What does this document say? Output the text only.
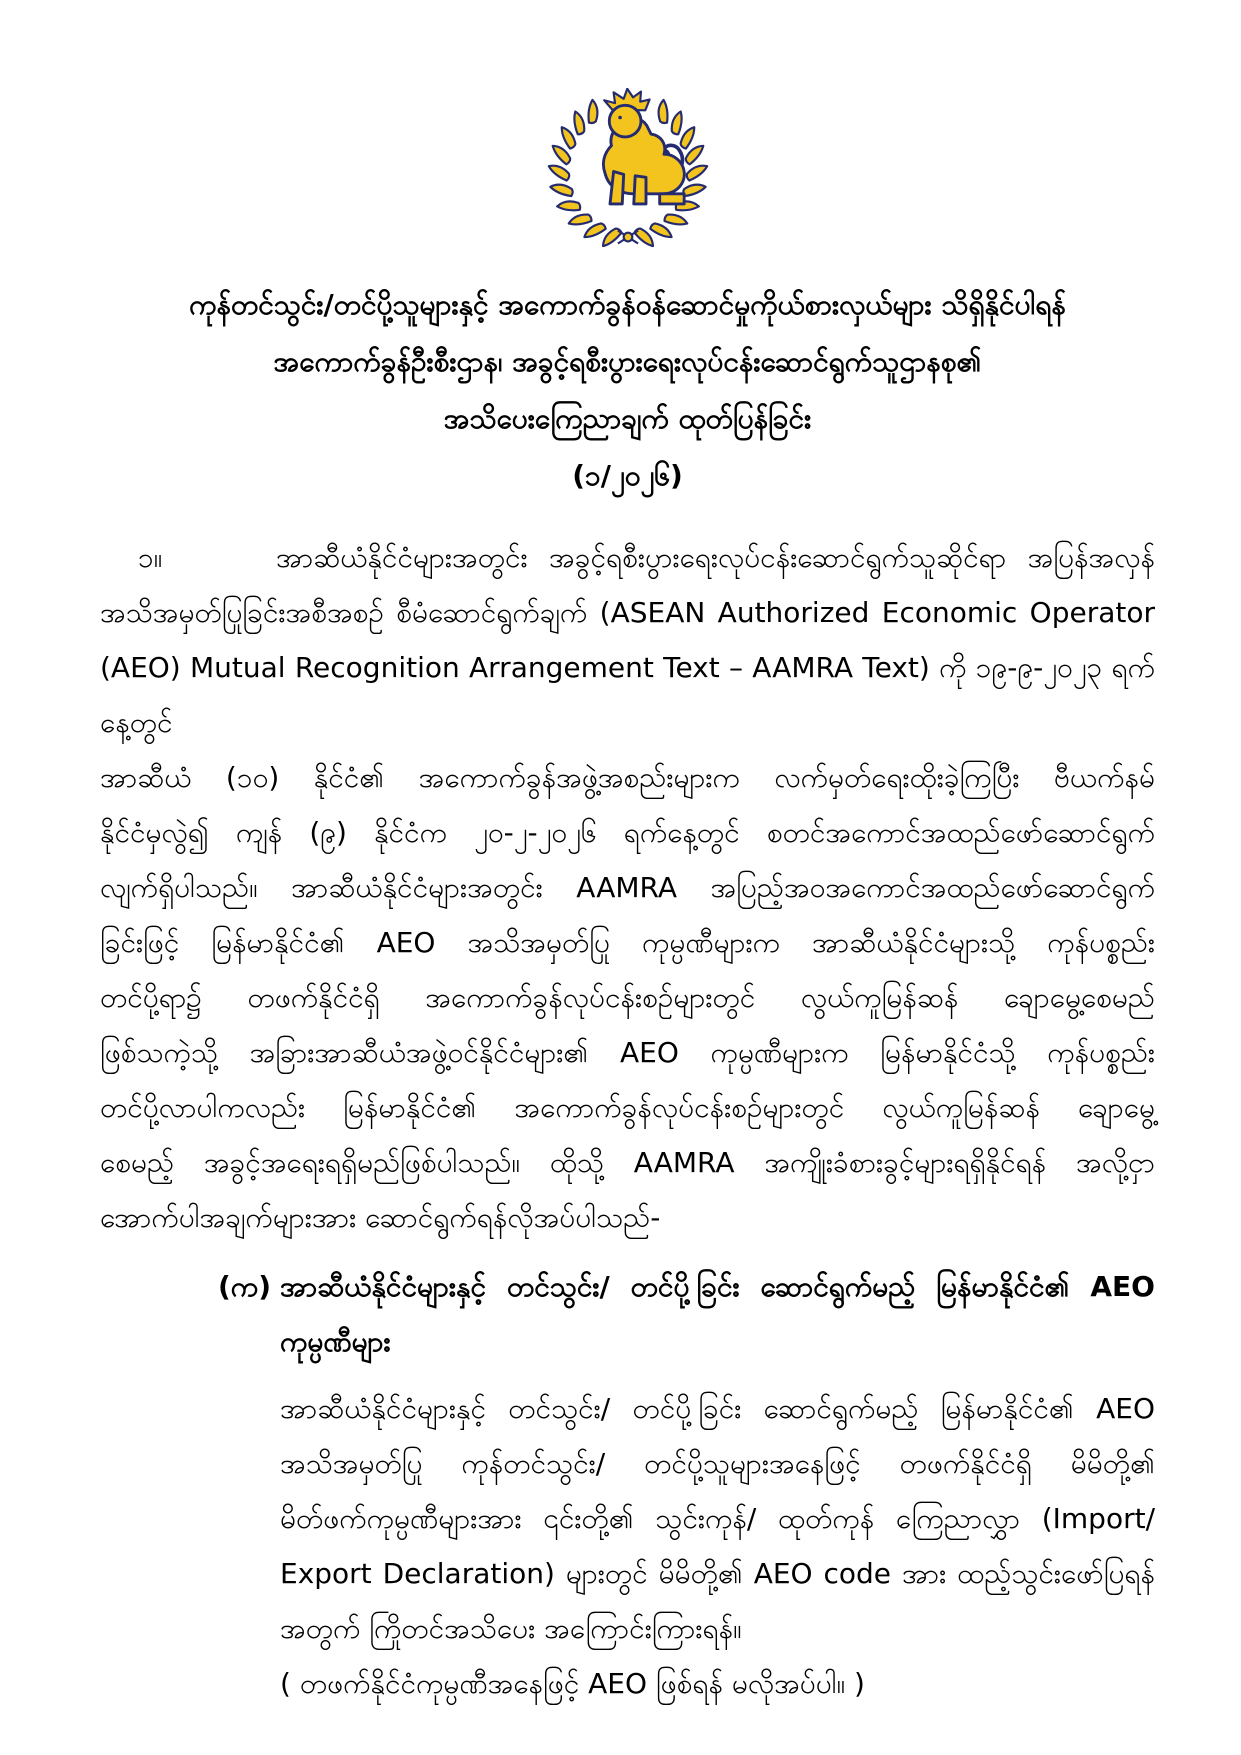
ကုန်တင်သွင်း/တင်ပို့သူများနှင့် အကောက်ခွန်ဝန်ဆောင်မှုကိုယ်စားလှယ်များ သိရှိနိုင်ပါရန်
အကောက်ခွန်ဦးစီးဌာန၊ အခွင့်ရစီးပွားရေးလုပ်ငန်းဆောင်ရွက်သူဌာနစု၏
အသိပေးကြေညာချက် ထုတ်ပြန်ခြင်း
(၁/၂၀၂၆)
၁။	အာဆီယံနိုင်ငံများအတွင်း အခွင့်ရစီးပွားရေးလုပ်ငန်းဆောင်ရွက်သူဆိုင်ရာ အပြန်အလှန်
အသိအမှတ်ပြုခြင်းအစီအစဉ် စီမံဆောင်ရွက်ချက် (ASEAN Authorized Economic Operator
(AEO) Mutual Recognition Arrangement Text – AAMRA Text) ကို ၁၉-၉-၂၀၂၃ ရက်နေ့တွင်
အာဆီယံ (၁၀) နိုင်ငံ၏ အကောက်ခွန်အဖွဲ့အစည်းများက လက်မှတ်ရေးထိုးခဲ့ကြပြီး ဗီယက်နမ်
နိုင်ငံမှလွဲ၍ ကျန် (၉) နိုင်ငံက ၂၀-၂-၂၀၂၆ ရက်နေ့တွင် စတင်အကောင်အထည်ဖော်ဆောင်ရွက်
လျက်ရှိပါသည်။ အာဆီယံနိုင်ငံများအတွင်း AAMRA အပြည့်အဝအကောင်အထည်ဖော်ဆောင်ရွက်
ခြင်းဖြင့် မြန်မာနိုင်ငံ၏ AEO အသိအမှတ်ပြု ကုမ္ပဏီများက အာဆီယံနိုင်ငံများသို့ ကုန်ပစ္စည်း
တင်ပို့ရာ၌ တဖက်နိုင်ငံရှိ အကောက်ခွန်လုပ်ငန်းစဉ်များတွင် လွယ်ကူမြန်ဆန် ချောမွေ့စေမည်
ဖြစ်သကဲ့သို့ အခြားအာဆီယံအဖွဲ့ဝင်နိုင်ငံများ၏ AEO ကုမ္ပဏီများက မြန်မာနိုင်ငံသို့ ကုန်ပစ္စည်း
တင်ပို့လာပါကလည်း မြန်မာနိုင်ငံ၏ အကောက်ခွန်လုပ်ငန်းစဉ်များတွင် လွယ်ကူမြန်ဆန် ချောမွေ့
စေမည့် အခွင့်အရေးရရှိမည်ဖြစ်ပါသည်။ ထိုသို့ AAMRA အကျိုးခံစားခွင့်များရရှိနိုင်ရန် အလို့ငှာ
အောက်ပါအချက်များအား ဆောင်ရွက်ရန်လိုအပ်ပါသည်-
(က) အာဆီယံနိုင်ငံများနှင့် တင်သွင်း/ တင်ပို့ခြင်း ဆောင်ရွက်မည့် မြန်မာနိုင်ငံ၏ AEO
ကုမ္ပဏီများ
အာဆီယံနိုင်ငံများနှင့် တင်သွင်း/ တင်ပို့ခြင်း ဆောင်ရွက်မည့် မြန်မာနိုင်ငံ၏ AEO
အသိအမှတ်ပြု ကုန်တင်သွင်း/ တင်ပို့သူများအနေဖြင့် တဖက်နိုင်ငံရှိ မိမိတို့၏
မိတ်ဖက်ကုမ္ပဏီများအား ၎င်းတို့၏ သွင်းကုန်/ ထုတ်ကုန် ကြေညာလွှာ (Import/
Export Declaration) များတွင် မိမိတို့၏ AEO code အား ထည့်သွင်းဖော်ပြရန်
အတွက် ကြိုတင်အသိပေး အကြောင်းကြားရန်။
( တဖက်နိုင်ငံကုမ္ပဏီအနေဖြင့် AEO ဖြစ်ရန် မလိုအပ်ပါ။ )
